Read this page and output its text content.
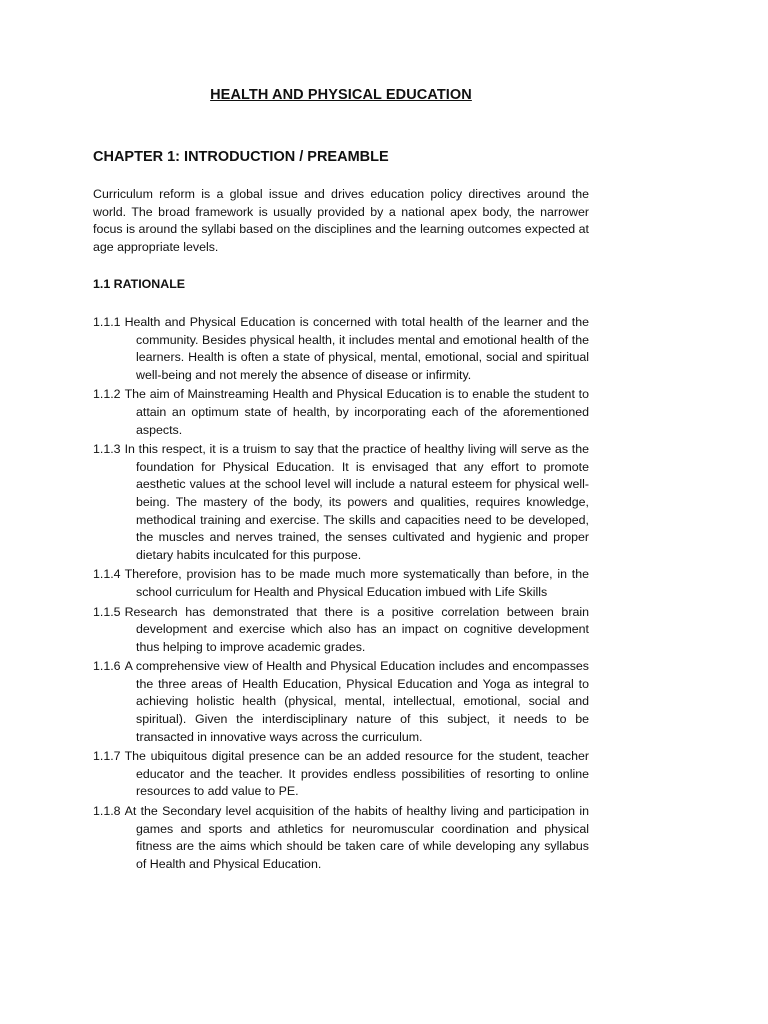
HEALTH AND PHYSICAL EDUCATION
CHAPTER 1: INTRODUCTION / PREAMBLE
Curriculum reform is a global issue and drives education policy directives around the world. The broad framework is usually provided by a national apex body, the narrower focus is around the syllabi based on the disciplines and the learning outcomes expected at age appropriate levels.
1.1 RATIONALE
1.1.1 Health and Physical Education is concerned with total health of the learner and the community. Besides physical health, it includes mental and emotional health of the learners. Health is often a state of physical, mental, emotional, social and spiritual well-being and not merely the absence of disease or infirmity.
1.1.2 The aim of Mainstreaming Health and Physical Education is to enable the student to attain an optimum state of health, by incorporating each of the aforementioned aspects.
1.1.3 In this respect, it is a truism to say that the practice of healthy living will serve as the foundation for Physical Education. It is envisaged that any effort to promote aesthetic values at the school level will include a natural esteem for physical well-being. The mastery of the body, its powers and qualities, requires knowledge, methodical training and exercise. The skills and capacities need to be developed, the muscles and nerves trained, the senses cultivated and hygienic and proper dietary habits inculcated for this purpose.
1.1.4 Therefore, provision has to be made much more systematically than before, in the school curriculum for Health and Physical Education imbued with Life Skills
1.1.5 Research has demonstrated that there is a positive correlation between brain development and exercise which also has an impact on cognitive development thus helping to improve academic grades.
1.1.6 A comprehensive view of Health and Physical Education includes and encompasses the three areas of Health Education, Physical Education and Yoga as integral to achieving holistic health (physical, mental, intellectual, emotional, social and spiritual). Given the interdisciplinary nature of this subject, it needs to be transacted in innovative ways across the curriculum.
1.1.7 The ubiquitous digital presence can be an added resource for the student, teacher educator and the teacher. It provides endless possibilities of resorting to online resources to add value to PE.
1.1.8 At the Secondary level acquisition of the habits of healthy living and participation in games and sports and athletics for neuromuscular coordination and physical fitness are the aims which should be taken care of while developing any syllabus of Health and Physical Education.
